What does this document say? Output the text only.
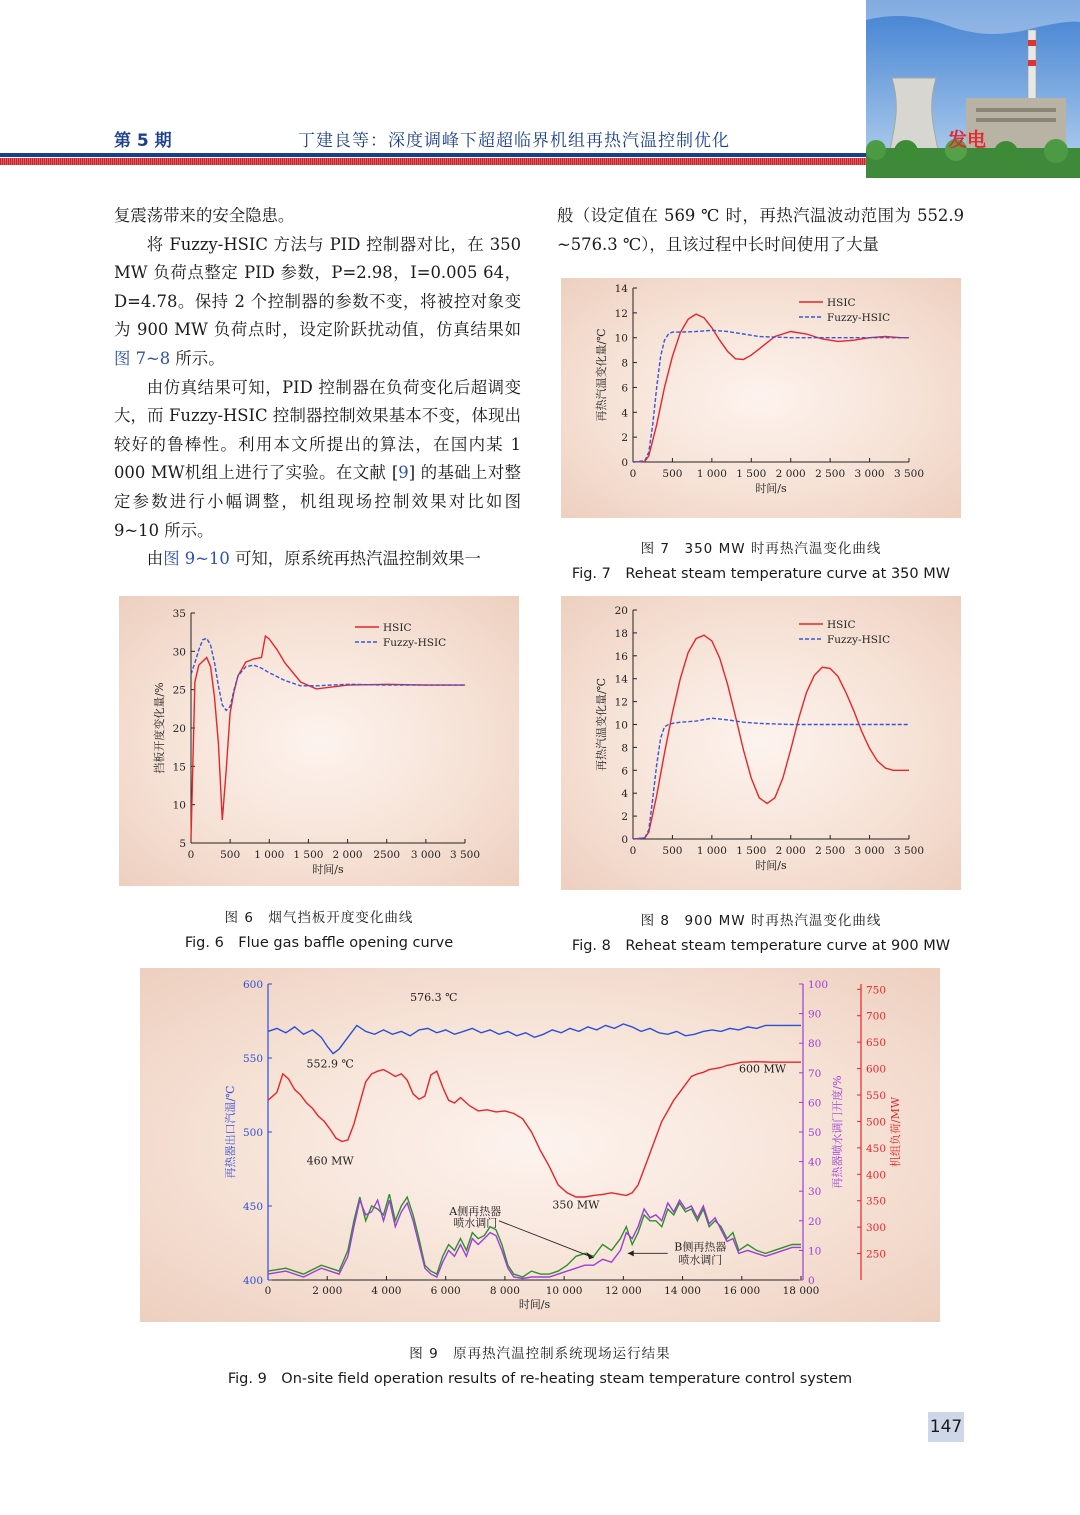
第 5 期	丁建良等：深度调峰下超超临界机组再热汽温控制优化	发电

复震荡带来的安全隐患。

将 Fuzzy-HSIC 方法与 PID 控制器对比，在 350 MW 负荷点整定 PID 参数，P=2.98，I=0.005 64，D=4.78。保持 2 个控制器的参数不变，将被控对象变为 900 MW 负荷点时，设定阶跃扰动值，仿真结果如图 7~8 所示。

由仿真结果可知，PID 控制器在负荷变化后超调变大，而 Fuzzy-HSIC 控制器控制效果基本不变，体现出较好的鲁棒性。利用本文所提出的算法，在国内某 1 000 MW机组上进行了实验。在文献 [9] 的基础上对整定参数进行小幅调整，机组现场控制效果对比如图 9~10 所示。

由图 9~10 可知，原系统再热汽温控制效果一

般（设定值在 569 ℃ 时，再热汽温波动范围为 552.9 ~576.3 ℃），且该过程中长时间使用了大量

0 500 1 000 1 500 2 000 2 500 3 000 3 500
0
2
4
6
8
10
12
14
时间/s
再热汽温变化量/℃
HSIC
Fuzzy-HSIC
图 7　350 MW 时再热汽温变化曲线
Fig. 7　Reheat steam temperature curve at 350 MW
0 500 1 000 1 500 2 000 2500 3 000 3 500
5
10
15
20
25
30
35
时间/s
挡板开度变化量/%
HSIC
Fuzzy-HSIC
图 6　烟气挡板开度变化曲线
Fig. 6　Flue gas baffle opening curve
0 500 1 000 1 500 2 000 2 500 3 000 3 500
0
2
4
6
8
10
12
14
16
18
20
时间/s
再热汽温变化量/℃
HSIC
Fuzzy-HSIC
图 8　900 MW 时再热汽温变化曲线
Fig. 8　Reheat steam temperature curve at 900 MW
0	2 000	4 000	6 000	8 000 10 000 12 000 14 000 16 000 18 000
时间/s
400
450
500
550
600
再热器出口汽温/℃
0
10
20
30
40
50
60
70
80
90
100
再热器喷水调门开度/%
250
300
350
400
450
500
550
600
650
700
750
机组负荷/MW
576.3 ℃
552.9 ℃
460 MW
600 MW
350 MW
A侧再热器
喷水调门
B侧再热器
喷水调门
图 9　原再热汽温控制系统现场运行结果
Fig. 9　On-site field operation results of re-heating steam temperature control system
147
